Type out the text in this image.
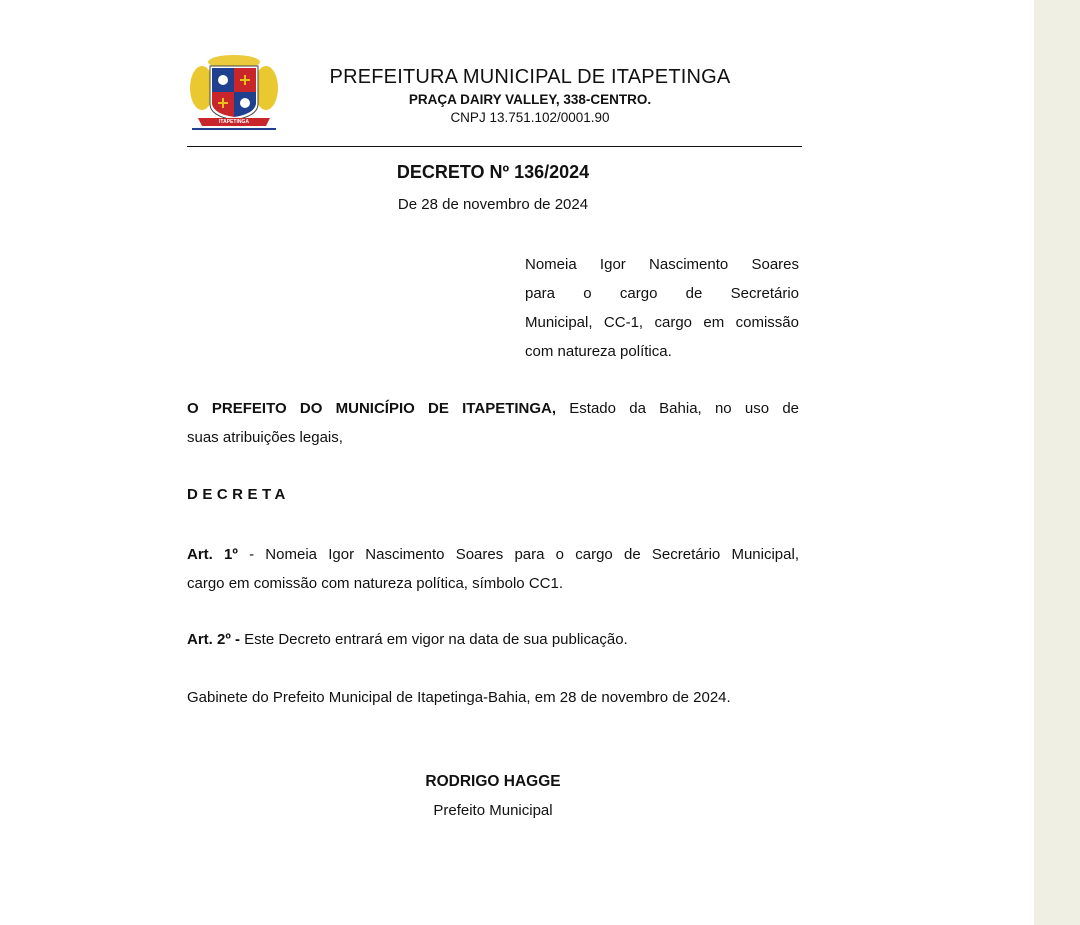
ITAPETINGA
PREFEITURA MUNICIPAL DE ITAPETINGA
PRAÇA DAIRY VALLEY, 338-CENTRO.
CNPJ 13.751.102/0001.90
DECRETO Nº 136/2024
De 28 de novembro de 2024
Nomeia Igor Nascimento Soares
para o cargo de Secretário
Municipal, CC-1, cargo em comissão
com natureza política.
O PREFEITO DO MUNICÍPIO DE ITAPETINGA, Estado da Bahia, no uso de
suas atribuições legais,
DECRETA
Art. 1º - Nomeia Igor Nascimento Soares para o cargo de Secretário Municipal,
cargo em comissão com natureza política, símbolo CC1.
Art. 2º - Este Decreto entrará em vigor na data de sua publicação.
Gabinete do Prefeito Municipal de Itapetinga-Bahia, em 28 de novembro de 2024.
RODRIGO HAGGE
Prefeito Municipal
